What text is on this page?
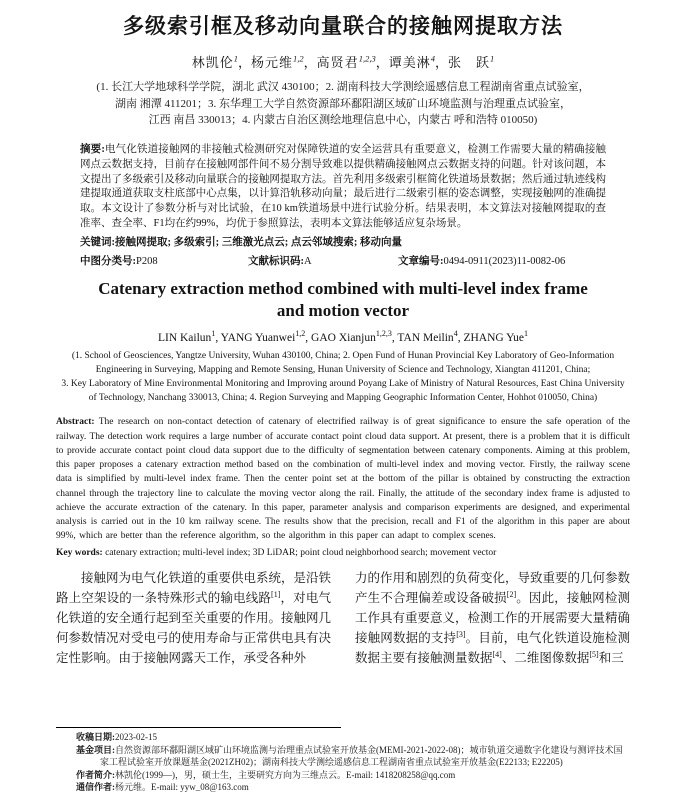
多级索引框及移动向量联合的接触网提取方法
林凯伦$^1$，杨元维$^{1,2}$，高贤君$^{1,2,3}$，谭美淋$^4$，张　跃$^1$
(1. 长江大学地球科学学院，湖北 武汉 430100；2. 湖南科技大学测绘遥感信息工程湖南省重点试验室，
湖南 湘潭 411201；3. 东华理工大学自然资源部环鄱阳湖区域矿山环境监测与治理重点试验室，
江西 南昌 330013；4. 内蒙古自治区测绘地理信息中心，内蒙古 呼和浩特 010050)

摘要:电气化铁道接触网的非接触式检测研究对保障铁道的安全运营具有重要意义，检测工作需要大量的精确接触网点云数据支持，目前存在接触网部件间不易分割导致难以提供精确接触网点云数据支持的问题。针对该问题，本文提出了多级索引及移动向量联合的接触网提取方法。首先利用多级索引框简化铁道场景数据；然后通过轨迹线构建提取通道获取支柱底部中心点集，以计算沿轨移动向量；最后进行二级索引框的姿态调整，实现接触网的准确提取。本文设计了参数分析与对比试验，在10 km铁道场景中进行试验分析。结果表明，本文算法对接触网提取的查准率、查全率、F1均在约99%，均优于参照算法，表明本文算法能够适应复杂场景。

关键词:接触网提取; 多级索引; 三维激光点云; 点云邻域搜索; 移动向量

中图分类号:P208	文献标识码:A	文章编号:0494-0911(2023)11-0082-06
Catenary extraction method combined with multi-level index frame
and motion vector
LIN Kailun$^1$, YANG Yuanwei$^{1,2}$, GAO Xianjun$^{1,2,3}$, TAN Meilin$^4$, ZHANG Yue$^1$
(1. School of Geosciences, Yangtze University, Wuhan 430100, China; 2. Open Fund of Hunan Provincial Key Laboratory of Geo-Information
Engineering in Surveying, Mapping and Remote Sensing, Hunan University of Science and Technology, Xiangtan 411201, China;
3. Key Laboratory of Mine Environmental Monitoring and Improving around Poyang Lake of Ministry of Natural Resources, East China University
of Technology, Nanchang 330013, China; 4. Region Surveying and Mapping Geographic Information Center, Hohhot 010050, China)

Abstract: The research on non-contact detection of catenary of electrified railway is of great significance to ensure the safe operation of the railway. The detection work requires a large number of accurate contact point cloud data support. At present, there is a problem that it is difficult to provide accurate contact point cloud data support due to the difficulty of segmentation between catenary components. Aiming at this problem, this paper proposes a catenary extraction method based on the combination of multi-level index and moving vector. Firstly, the railway scene data is simplified by multi-level index frame. Then the center point set at the bottom of the pillar is obtained by constructing the extraction channel through the trajectory line to calculate the moving vector along the rail. Finally, the attitude of the secondary index frame is adjusted to achieve the accurate extraction of the catenary. In this paper, parameter analysis and comparison experiments are designed, and experimental analysis is carried out in the 10 km railway scene. The results show that the precision, recall and F1 of the algorithm in this paper are about 99%, which are better than the reference algorithm, so the algorithm in this paper can adapt to complex scenes.

Key words: catenary extraction; multi-level index; 3D LiDAR; point cloud neighborhood search; movement vector

接触网为电气化铁道的重要供电系统，是沿铁路上空架设的一条特殊形式的输电线路[1]，对电气化铁道的安全通行起到至关重要的作用。接触网几何参数情况对受电弓的使用寿命与正常供电具有决定性影响。由于接触网露天工作，承受各种外

力的作用和剧烈的负荷变化，导致重要的几何参数产生不合理偏差或设备破损[2]。因此，接触网检测工作具有重要意义，检测工作的开展需要大量精确接触网数据的支持[3]。目前，电气化铁道设施检测数据主要有接触测量数据[4]、二维图像数据[5]和三

收稿日期:2023-02-15
基金项目:自然资源部环鄱阳湖区域矿山环境监测与治理重点试验室开放基金(MEMI-2021-2022-08)；城市轨道交通数字化建设与测评技术国家工程试验室开放课题基金(2021ZH02)；湖南科技大学测绘遥感信息工程湖南省重点试验室开放基金(E22133; E22205)
作者简介:林凯伦(1999—)，男，硕士生，主要研究方向为三维点云。E-mail: 1418208258@qq.com
通信作者:杨元维。E-mail: yyw_08@163.com
